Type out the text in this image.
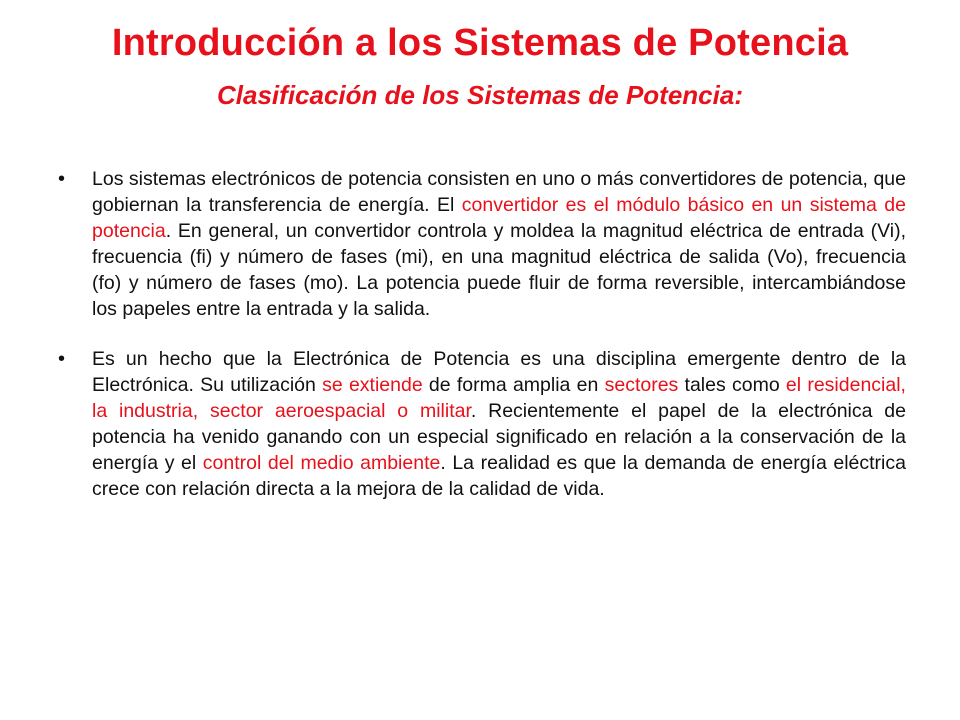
Introducción a los Sistemas de Potencia
Clasificación de los Sistemas de Potencia:
• Los sistemas electrónicos de potencia consisten en uno o más convertidores de potencia, que gobiernan la transferencia de energía. El convertidor es el módulo básico en un sistema de potencia. En general, un convertidor controla y moldea la magnitud eléctrica de entrada (Vi), frecuencia (fi) y número de fases (mi), en una magnitud eléctrica de salida (Vo), frecuencia (fo) y número de fases (mo). La potencia puede fluir de forma reversible, intercambiándose los papeles entre la entrada y la salida.
• Es un hecho que la Electrónica de Potencia es una disciplina emergente dentro de la Electrónica. Su utilización se extiende de forma amplia en sectores tales como el residencial, la industria, sector aeroespacial o militar. Recientemente el papel de la electrónica de potencia ha venido ganando con un especial significado en relación a la conservación de la energía y el control del medio ambiente. La realidad es que la demanda de energía eléctrica crece con relación directa a la mejora de la calidad de vida.
